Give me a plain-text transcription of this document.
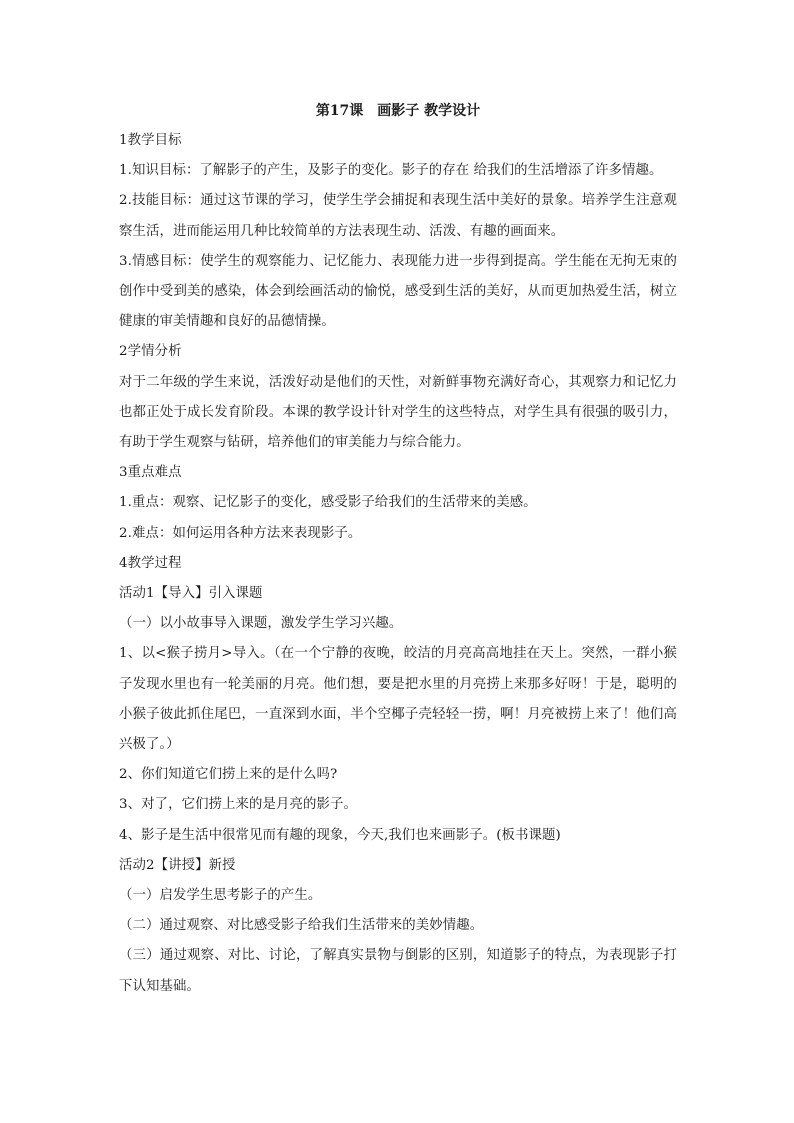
第17课　画影子 教学设计

1教学目标

1.知识目标：了解影子的产生，及影子的变化。影子的存在 给我们的生活增添了许多情趣。

2.技能目标：通过这节课的学习，使学生学会捕捉和表现生活中美好的景象。培养学生注意观察生活，进而能运用几种比较简单的方法表现生动、活泼、有趣的画面来。

3.情感目标：使学生的观察能力、记忆能力、表现能力进一步得到提高。学生能在无拘无束的创作中受到美的感染，体会到绘画活动的愉悦，感受到生活的美好，从而更加热爱生活，树立健康的审美情趣和良好的品德情操。

2学情分析

对于二年级的学生来说，活泼好动是他们的天性，对新鲜事物充满好奇心，其观察力和记忆力也都正处于成长发育阶段。本课的教学设计针对学生的这些特点，对学生具有很强的吸引力，有助于学生观察与钻研，培养他们的审美能力与综合能力。

3重点难点

1.重点：观察、记忆影子的变化，感受影子给我们的生活带来的美感。

2.难点：如何运用各种方法来表现影子。

4教学过程

活动1【导入】引入课题

（一）以小故事导入课题，激发学生学习兴趣。

1、以<猴子捞月>导入。（在一个宁静的夜晚，皎洁的月亮高高地挂在天上。突然，一群小猴子发现水里也有一轮美丽的月亮。他们想，要是把水里的月亮捞上来那多好呀！于是，聪明的小猴子彼此抓住尾巴，一直深到水面，半个空椰子壳轻轻一捞，啊！月亮被捞上来了！他们高兴极了。）

2、你们知道它们捞上来的是什么吗?

3、对了，它们捞上来的是月亮的影子。

4、影子是生活中很常见而有趣的现象，今天,我们也来画影子。(板书课题)

活动2【讲授】新授

（一）启发学生思考影子的产生。

（二）通过观察、对比感受影子给我们生活带来的美妙情趣。

（三）通过观察、对比、讨论，了解真实景物与倒影的区别，知道影子的特点，为表现影子打下认知基础。
